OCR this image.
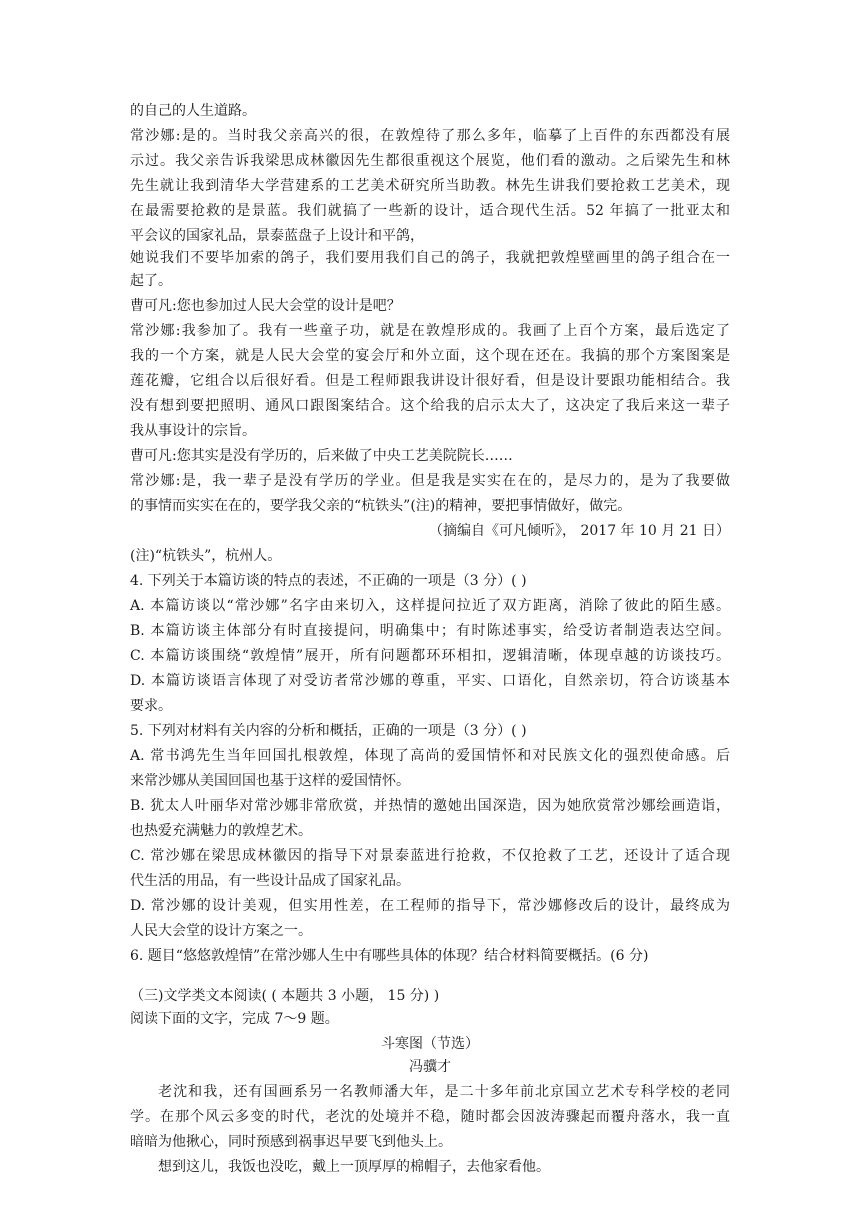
的自己的人生道路。
常沙娜:是的。当时我父亲高兴的很，在敦煌待了那么多年，临摹了上百件的东西都没有展
示过。我父亲告诉我梁思成林徽因先生都很重视这个展览，他们看的激动。之后梁先生和林
先生就让我到清华大学营建系的工艺美术研究所当助教。林先生讲我们要抢救工艺美术，现
在最需要抢救的是景蓝。我们就搞了一些新的设计，适合现代生活。52 年搞了一批亚太和
平会议的国家礼品，景泰蓝盘子上设计和平鸽，
她说我们不要毕加索的鸽子，我们要用我们自己的鸽子，我就把敦煌壁画里的鸽子组合在一
起了。
曹可凡:您也参加过人民大会堂的设计是吧？
常沙娜:我参加了。我有一些童子功，就是在敦煌形成的。我画了上百个方案，最后选定了
我的一个方案，就是人民大会堂的宴会厅和外立面，这个现在还在。我搞的那个方案图案是
莲花瓣，它组合以后很好看。但是工程师跟我讲设计很好看，但是设计要跟功能相结合。我
没有想到要把照明、通风口跟图案结合。这个给我的启示太大了，这决定了我后来这一辈子
我从事设计的宗旨。
曹可凡:您其实是没有学历的，后来做了中央工艺美院院长……
常沙娜:是，我一辈子是没有学历的学业。但是我是实实在在的，是尽力的，是为了我要做
的事情而实实在在的，要学我父亲的“杭铁头”(注)的精神，要把事情做好，做完。
（摘编自《可凡倾听》， 2017 年 10 月 21 日）
(注)“杭铁头”，杭州人。
4. 下列关于本篇访谈的特点的表述，不正确的一项是（3 分）( )
A. 本篇访谈以“常沙娜”名字由来切入，这样提问拉近了双方距离，消除了彼此的陌生感。
B. 本篇访谈主体部分有时直接提问，明确集中；有时陈述事实，给受访者制造表达空间。
C. 本篇访谈围绕“敦煌情”展开，所有问题都环环相扣，逻辑清晰，体现卓越的访谈技巧。
D. 本篇访谈语言体现了对受访者常沙娜的尊重，平实、口语化，自然亲切，符合访谈基本
要求。
5. 下列对材料有关内容的分析和概括，正确的一项是（3 分）( )
A. 常书鸿先生当年回国扎根敦煌，体现了高尚的爱国情怀和对民族文化的强烈使命感。后
来常沙娜从美国回国也基于这样的爱国情怀。
B. 犹太人叶丽华对常沙娜非常欣赏，并热情的邀她出国深造，因为她欣赏常沙娜绘画造诣，
也热爱充满魅力的敦煌艺术。
C. 常沙娜在梁思成林徽因的指导下对景泰蓝进行抢救，不仅抢救了工艺，还设计了适合现
代生活的用品，有一些设计品成了国家礼品。
D. 常沙娜的设计美观，但实用性差，在工程师的指导下，常沙娜修改后的设计，最终成为
人民大会堂的设计方案之一。
6. 题目“悠悠敦煌情”在常沙娜人生中有哪些具体的体现？结合材料简要概括。(6 分)
（三)文学类文本阅读( ( 本题共 3 小题， 15 分) )
阅读下面的文字，完成 7～9 题。
斗寒图（节选）
冯骥才
老沈和我，还有国画系另一名教师潘大年，是二十多年前北京国立艺术专科学校的老同
学。在那个风云多变的时代，老沈的处境并不稳，随时都会因波涛骤起而覆舟落水，我一直
暗暗为他揪心，同时预感到祸事迟早要飞到他头上。
想到这儿，我饭也没吃，戴上一顶厚厚的棉帽子，去他家看他。
